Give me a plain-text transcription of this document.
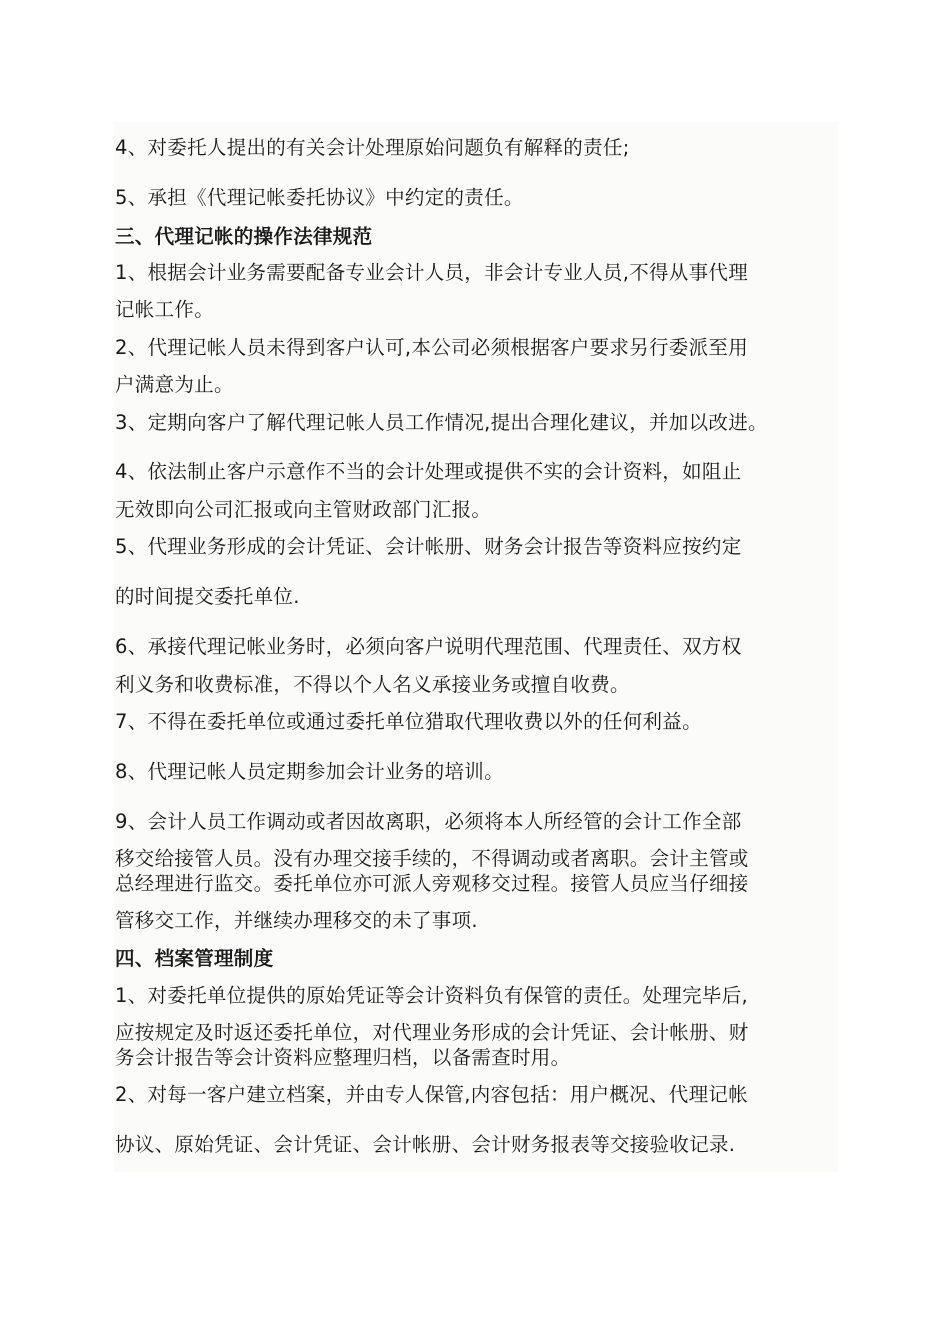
4、对委托人提出的有关会计处理原始问题负有解释的责任;
5、承担《代理记帐委托协议》中约定的责任。
三、代理记帐的操作法律规范
1、根据会计业务需要配备专业会计人员，非会计专业人员,不得从事代理
记帐工作。
2、代理记帐人员未得到客户认可,本公司必须根据客户要求另行委派至用
户满意为止。
3、定期向客户了解代理记帐人员工作情况,提出合理化建议，并加以改进。
4、依法制止客户示意作不当的会计处理或提供不实的会计资料，如阻止
无效即向公司汇报或向主管财政部门汇报。
5、代理业务形成的会计凭证、会计帐册、财务会计报告等资料应按约定
的时间提交委托单位.
6、承接代理记帐业务时，必须向客户说明代理范围、代理责任、双方权
利义务和收费标准，不得以个人名义承接业务或擅自收费。
7、不得在委托单位或通过委托单位猎取代理收费以外的任何利益。
8、代理记帐人员定期参加会计业务的培训。
9、会计人员工作调动或者因故离职，必须将本人所经管的会计工作全部
移交给接管人员。没有办理交接手续的，不得调动或者离职。会计主管或
总经理进行监交。委托单位亦可派人旁观移交过程。接管人员应当仔细接
管移交工作，并继续办理移交的未了事项.
四、档案管理制度
1、对委托单位提供的原始凭证等会计资料负有保管的责任。处理完毕后,
应按规定及时返还委托单位，对代理业务形成的会计凭证、会计帐册、财
务会计报告等会计资料应整理归档，以备需查时用。
2、对每一客户建立档案，并由专人保管,内容包括：用户概况、代理记帐
协议、原始凭证、会计凭证、会计帐册、会计财务报表等交接验收记录.
